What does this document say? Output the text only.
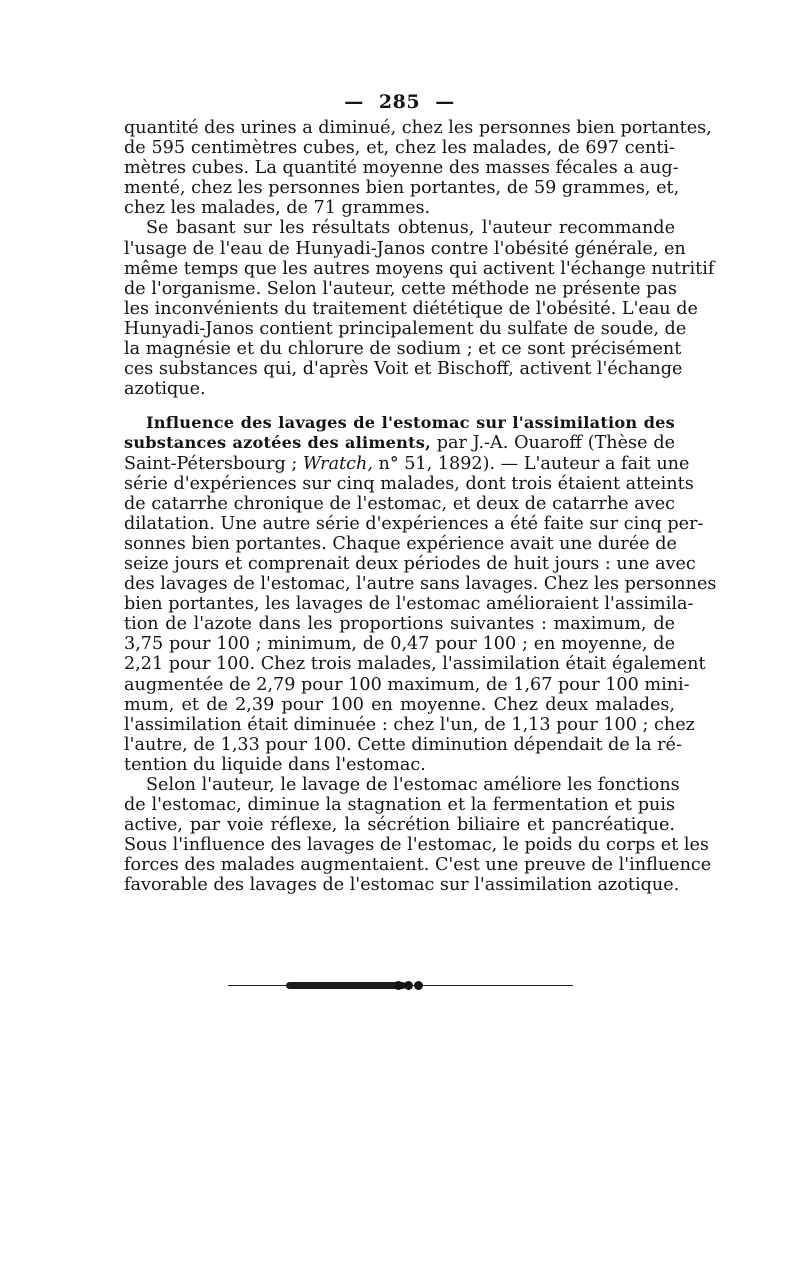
— 285 —
quantité des urines a diminué, chez les personnes bien portantes,
de 595 centimètres cubes, et, chez les malades, de 697 centi-
mètres cubes. La quantité moyenne des masses fécales a aug-
menté, chez les personnes bien portantes, de 59 grammes, et,
chez les malades, de 71 grammes.
Se basant sur les résultats obtenus, l'auteur recommande
l'usage de l'eau de Hunyadi-Janos contre l'obésité générale, en
même temps que les autres moyens qui activent l'échange nutritif
de l'organisme. Selon l'auteur, cette méthode ne présente pas
les inconvénients du traitement diététique de l'obésité. L'eau de
Hunyadi-Janos contient principalement du sulfate de soude, de
la magnésie et du chlorure de sodium ; et ce sont précisément
ces substances qui, d'après Voit et Bischoff, activent l'échange
azotique.
Influence des lavages de l'estomac sur l'assimilation des
substances azotées des aliments, par J.-A. Ouaroff (Thèse de
Saint-Pétersbourg ; Wratch, n° 51, 1892). — L'auteur a fait une
série d'expériences sur cinq malades, dont trois étaient atteints
de catarrhe chronique de l'estomac, et deux de catarrhe avec
dilatation. Une autre série d'expériences a été faite sur cinq per-
sonnes bien portantes. Chaque expérience avait une durée de
seize jours et comprenait deux périodes de huit jours : une avec
des lavages de l'estomac, l'autre sans lavages. Chez les personnes
bien portantes, les lavages de l'estomac amélioraient l'assimila-
tion de l'azote dans les proportions suivantes : maximum, de
3,75 pour 100 ; minimum, de 0,47 pour 100 ; en moyenne, de
2,21 pour 100. Chez trois malades, l'assimilation était également
augmentée de 2,79 pour 100 maximum, de 1,67 pour 100 mini-
mum, et de 2,39 pour 100 en moyenne. Chez deux malades,
l'assimilation était diminuée : chez l'un, de 1,13 pour 100 ; chez
l'autre, de 1,33 pour 100. Cette diminution dépendait de la ré-
tention du liquide dans l'estomac.
Selon l'auteur, le lavage de l'estomac améliore les fonctions
de l'estomac, diminue la stagnation et la fermentation et puis
active, par voie réflexe, la sécrétion biliaire et pancréatique.
Sous l'influence des lavages de l'estomac, le poids du corps et les
forces des malades augmentaient. C'est une preuve de l'influence
favorable des lavages de l'estomac sur l'assimilation azotique.
